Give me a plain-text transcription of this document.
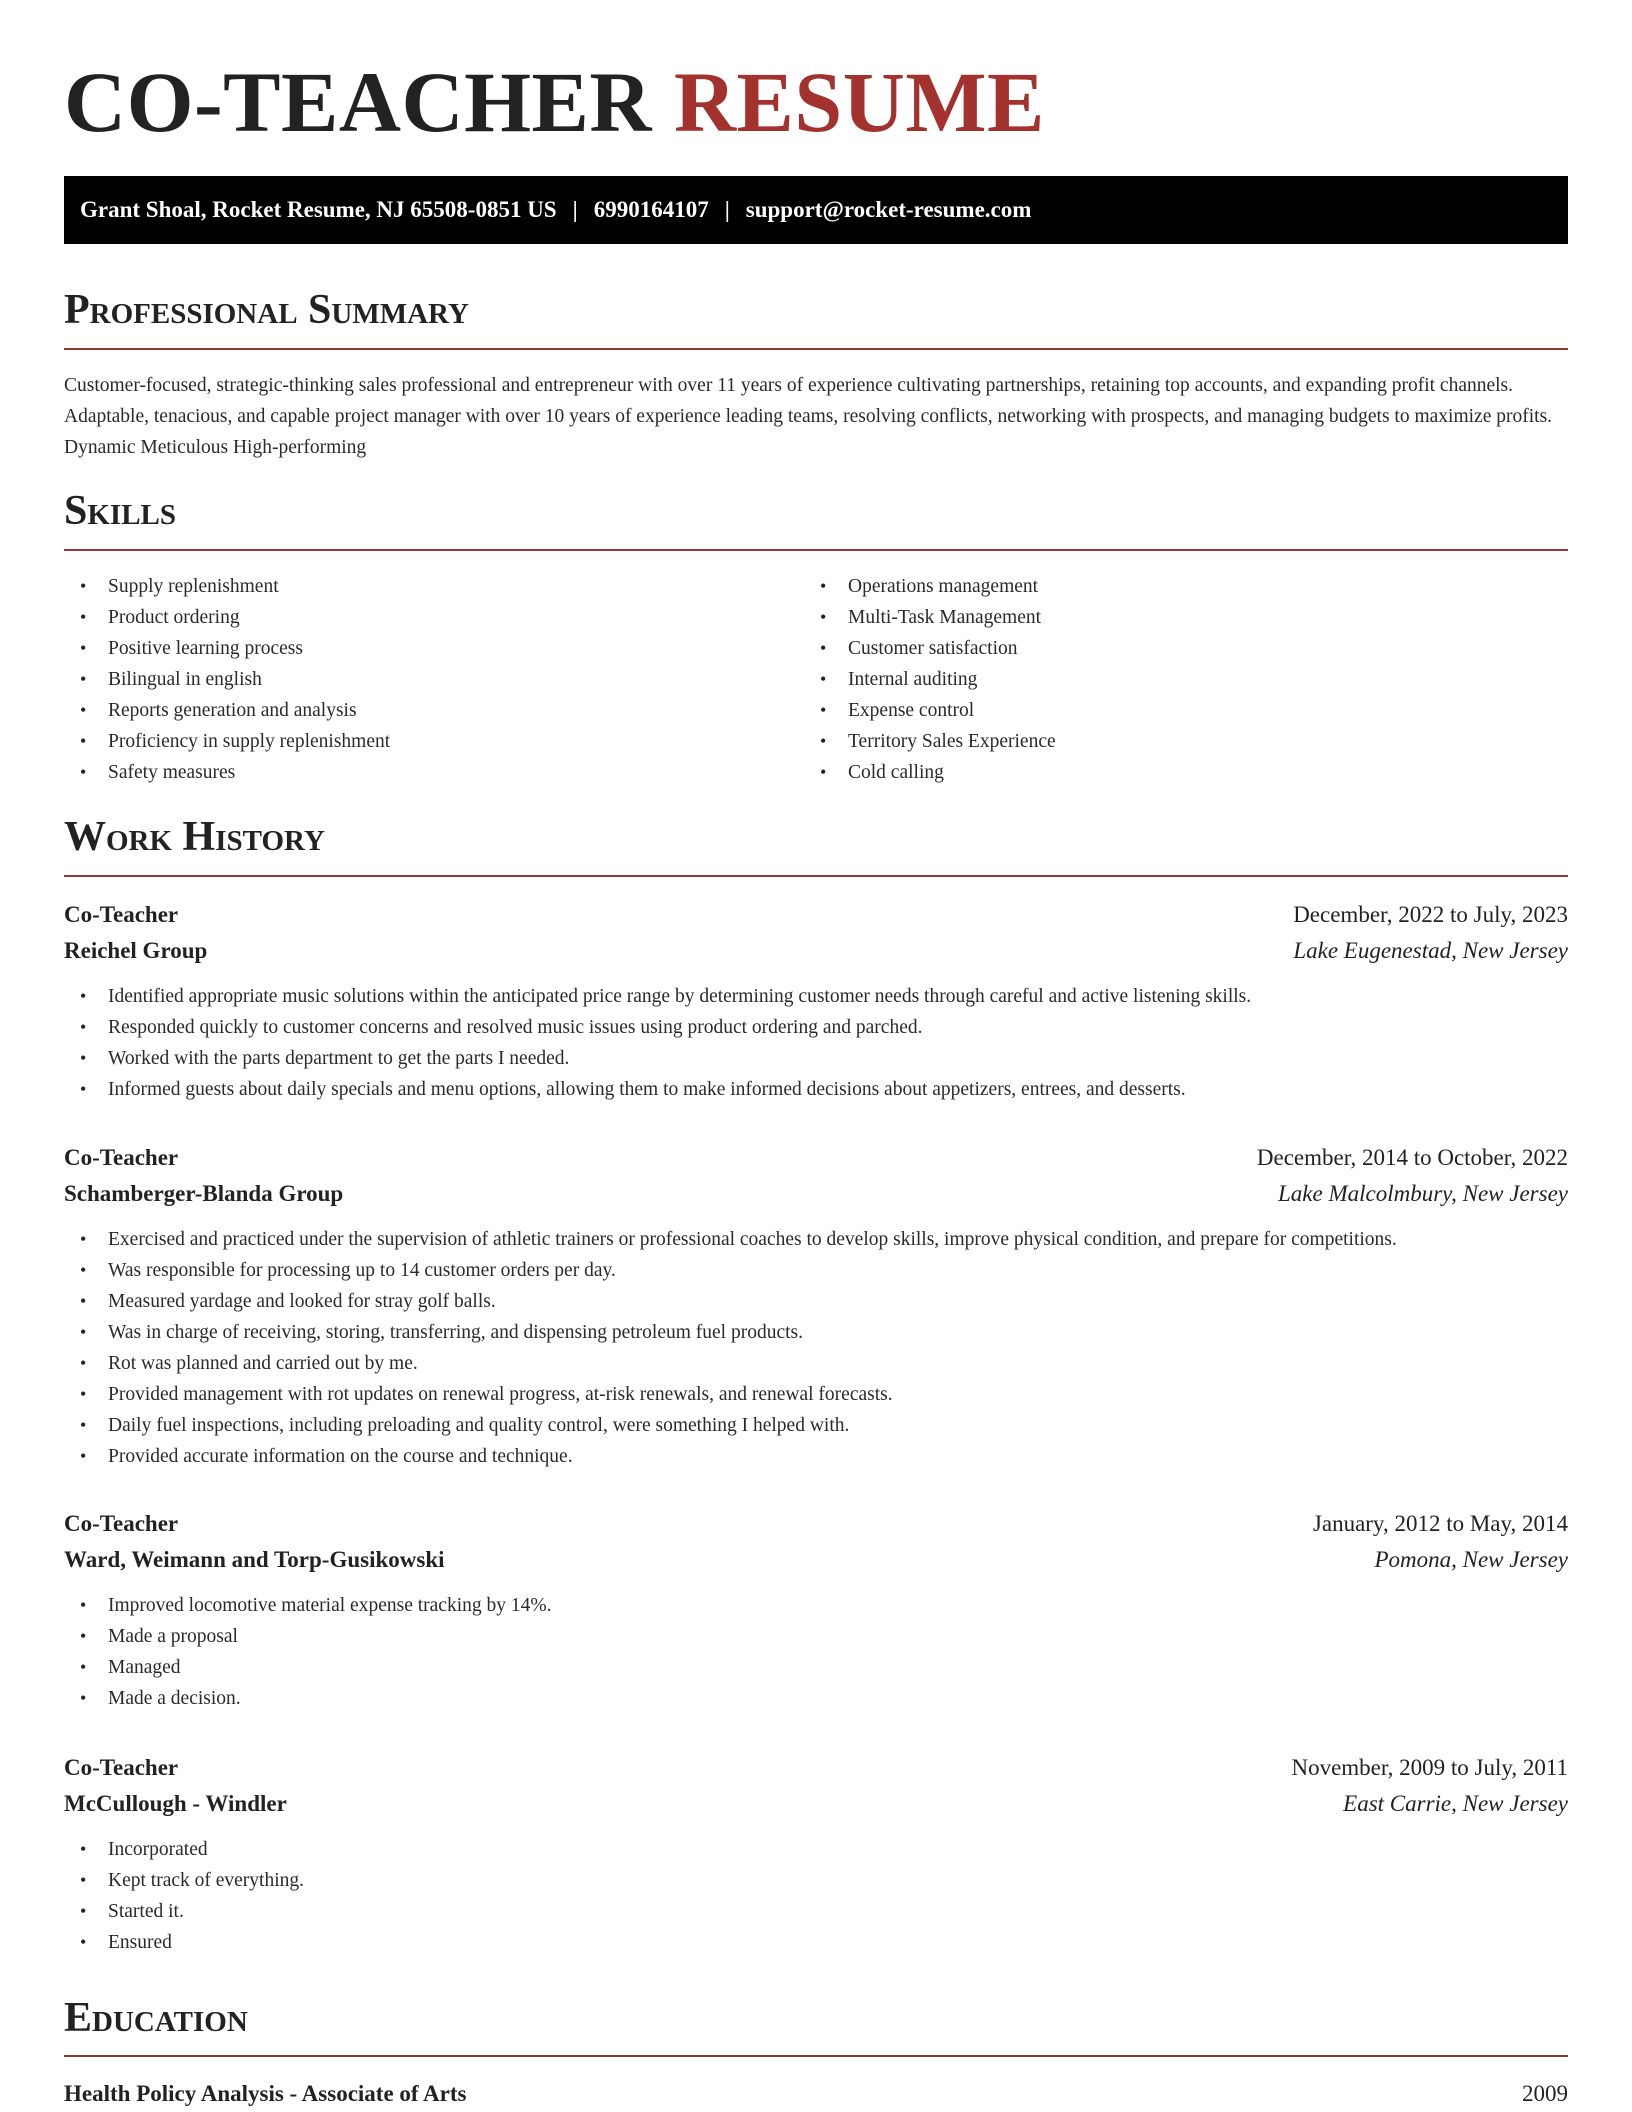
CO-TEACHER RESUME
Grant Shoal, Rocket Resume, NJ 65508-0851 US | 6990164107 | support@rocket-resume.com
Professional Summary

Customer-focused, strategic-thinking sales professional and entrepreneur with over 11 years of experience cultivating partnerships, retaining top accounts, and expanding profit channels. Adaptable, tenacious, and capable project manager with over 10 years of experience leading teams, resolving conflicts, networking with prospects, and managing budgets to maximize profits. Dynamic Meticulous High-performing

Skills
• Supply replenishment
• Product ordering
• Positive learning process
• Bilingual in english
• Reports generation and analysis
• Proficiency in supply replenishment
• Safety measures
• Operations management
• Multi-Task Management
• Customer satisfaction
• Internal auditing
• Expense control
• Territory Sales Experience
• Cold calling
Work History
Co-Teacher	December, 2022 to July, 2023
Reichel Group	Lake Eugenestad, New Jersey
• Identified appropriate music solutions within the anticipated price range by determining customer needs through careful and active listening skills.
• Responded quickly to customer concerns and resolved music issues using product ordering and parched.
• Worked with the parts department to get the parts I needed.
• Informed guests about daily specials and menu options, allowing them to make informed decisions about appetizers, entrees, and desserts.
Co-Teacher	December, 2014 to October, 2022
Schamberger-Blanda Group	Lake Malcolmbury, New Jersey
• Exercised and practiced under the supervision of athletic trainers or professional coaches to develop skills, improve physical condition, and prepare for competitions.
• Was responsible for processing up to 14 customer orders per day.
• Measured yardage and looked for stray golf balls.
• Was in charge of receiving, storing, transferring, and dispensing petroleum fuel products.
• Rot was planned and carried out by me.
• Provided management with rot updates on renewal progress, at-risk renewals, and renewal forecasts.
• Daily fuel inspections, including preloading and quality control, were something I helped with.
• Provided accurate information on the course and technique.
Co-Teacher	January, 2012 to May, 2014
Ward, Weimann and Torp-Gusikowski	Pomona, New Jersey
• Improved locomotive material expense tracking by 14%.
• Made a proposal
• Managed
• Made a decision.
Co-Teacher	November, 2009 to July, 2011
McCullough - Windler	East Carrie, New Jersey
• Incorporated
• Kept track of everything.
• Started it.
• Ensured
Education
Health Policy Analysis - Associate of Arts	2009
